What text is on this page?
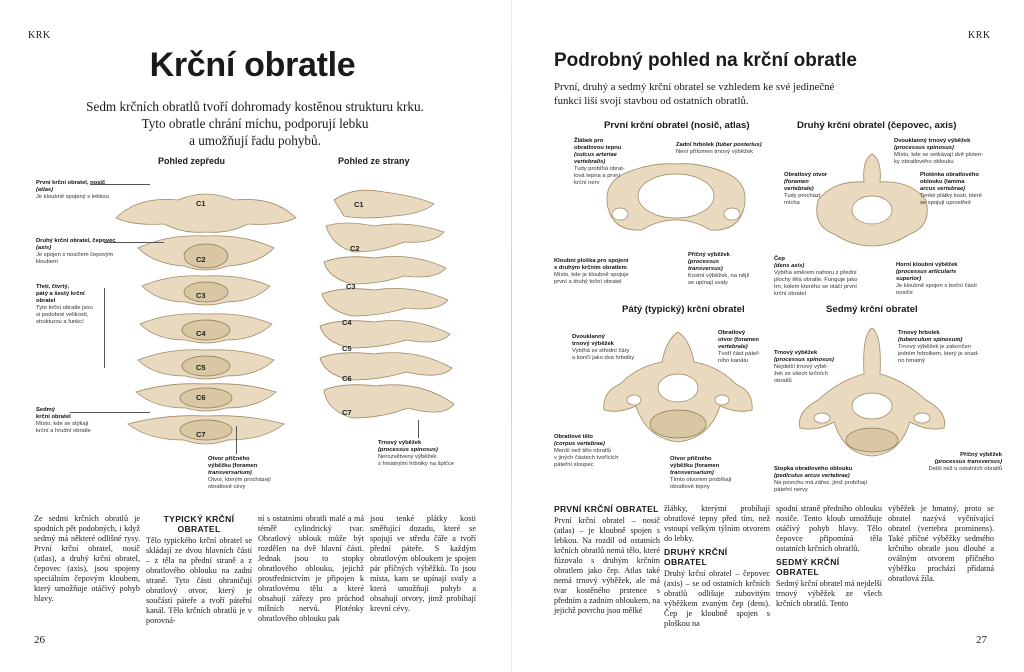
KRK
Krční obratle
Sedm krčních obratlů tvoří dohromady kostěnou strukturu krku.
Tyto obratle chrání míchu, podporují lebku
a umožňují řadu pohybů.
Pohled zepředu	Pohled ze strany
C1
C2
C3
C4
C5
C6
C7
C1
C2
C3
C4
C5
C6
C7
První krční obratel, nosič
(atlas)
Je kloubně spojený s lebkou
Druhý krční obratel, čepovec
(axis)
Je spojen s nosičem čepovým
kloubem
Třetí, čtvrtý,
pátý a šestý krční
obratel
Tyto krční obratle jsou
si podobné velikostí,
strukturou a funkcí
Sedmý
krční obratel
Místo, kde se stýkají
krční a hrudní obratle
Otvor příčného
výběžku (foramen
transversarium)
Otvor, kterým procházejí
obratlové cévy
Trnový výběžek
(processus spinosus)
Nerozvětvený výběžek
s hmatnými hrbolky na špičce
Ze sedmi krčních obratlů je spodních pět podobných, i když sedmý má některé odlišné rysy. První krční obratel, nosič (atlas), a druhý krční obratel, čepovec (axis), jsou spojeny speciálním čepovým kloubem, který umožňuje otáčivý pohyb hlavy.
TYPICKÝ KRČNÍ
OBRATEL
Tělo typického krční obratel se skládají ze dvou hlavních částí – z těla na přední straně a z obratlového oblouku na zadní straně. Tyto části ohraničují obratlový otvor, který je součástí páteře a tvoří páteřní kanál. Tělo krčních obratlů je v porovná-
ní s ostatními obratli malé a má téměř cylindrický tvar. Obratlový oblouk může být rozdělen na dvě hlavní části. Jednak jsou to stopky obratlového oblouku, jejichž prostřednictvím je připojen k obratlovému tělu a které obsahují zářezy pro průchod míšních nervů. Ploténky obratlového oblouku pak
jsou tenké plátky kosti směřující dozadu, které se spojují ve středu čáře a tvoří přední páteře. S každým obratlovým obloukem je spojen pár příčných výběžků. To jsou místa, kam se upínají svaly a která umožňují pohyb a obsahují otvory, jimž probíhají krevní cévy.
26
KRK
Podrobný pohled na krční obratle
První, druhý a sedmý krční obratel se vzhledem ke své jedinečné
funkci liší svojí stavbou od ostatních obratlů.
První krční obratel (nosič, atlas)	Druhý krční obratel (čepovec, axis)
Pátý (typický) krční obratel	Sedmý krční obratel
Žlábek pro
obratlovou tepnu
(sulcus arteriae
vertebralis)
Tudy probíhá obrat-
lová tepna a první
krční nerv
Zadní hrbolek (tuber posterius)
Není přítomen trnový výběžek
Kloubní ploška pro spojení
s druhým krčním obratlem
Místo, kde je kloubně spojuje
první a druhý krční obratel
Příčný výběžek
(processus
transversus)
Kostní výběžek, na nějž
se upínají svaly
Dvouklanný trnový výběžek
(processus spinosus)
Místo, kde se setkávají dvě ploten-
ky obratlového oblouku
Obratlový otvor
(foramen
vertebrale)
Tudy prochází
mícha
Ploténka obratlového
oblouku (lamina
arcus vertebrae)
Tenké plátky kosti, které
se spojují uprostřed
Čep
(dens axis)
Vybíhá směrem nahoru z přední
plochy těla obratle. Funguje jako
trn, kolem kterého se otáčí první
krční obratel
Horní kloubní výběžek
(processus articularis
superior)
Je kloubně spojen s boční částí
nosiče
Dvouklanný
trnový výběžek
Vybíhá ze střední čáry
a končí jako dva hrbolky
Obratlový
otvor (foramen
vertebrale)
Tvoří část páteř-
ního kanálu
Obratlové tělo
(corpus vertebrae)
Menší než tělo obratlů
v jiných částech tvořících
páteřní sloupec
Otvor příčného
výběžku (foramen
transversarium)
Tímto otvorem probíhají
obratlové tepny
Trnový hrbolek
(tuberculum spinosum)
Trnový výběžek je zakončen
jedním hrbolkem, který je snad-
no hmatný
Trnový výběžek
(processus spinosus)
Nejdelší trnový výbě-
žek ze všech krčních
obratlů
Stopka obratlového oblouku
(pediculus arcus vertebrae)
Na povrchu má zářez, jímž probíhají
páteřní nervy
Příčný výběžek
(processus transversus)
Delší než u ostatních obratlů
PRVNÍ KRČNÍ OBRATEL
První krční obratel – nosič (atlas) – je kloubně spojen s lebkou. Na rozdíl od ostatních krčních obratlů nemá tělo, které fúzovalo s druhým krčním obratlem jako čep. Atlas také nemá trnový výběžek, ale má tvar kostěného prstence s předním a zadním obloukem, na jejichž povrchu jsou mělké
žlábky, kterými probíhají obratlové tepny před tím, než vstoupí velkým týlním otvorem do lebky.
DRUHÝ KRČNÍ OBRATEL
Druhý krční obratel – čepovec (axis) – se od ostatních krčních obratlů odlišuje zubovitým výběžkem zvaným čep (dens). Čep je kloubně spojen s ploškou na
spodní straně předního oblouku nosiče. Tento kloub umožňuje otáčivý pohyb hlavy. Tělo čepovce připomíná těla ostatních krčních obratlů.
SEDMÝ KRČNÍ OBRATEL
Sedmý krční obratel má nejdelší trnový výběžek ze všech krčních obratlů. Tento
výběžek je hmatný, proto se obratel nazývá vyčnívající obratel (vertebra prominens). Také příčné výběžky sedmého krčního obratle jsou dlouhé a oválným otvorem příčného výběžku prochází přídatná obratlová žíla.
27
